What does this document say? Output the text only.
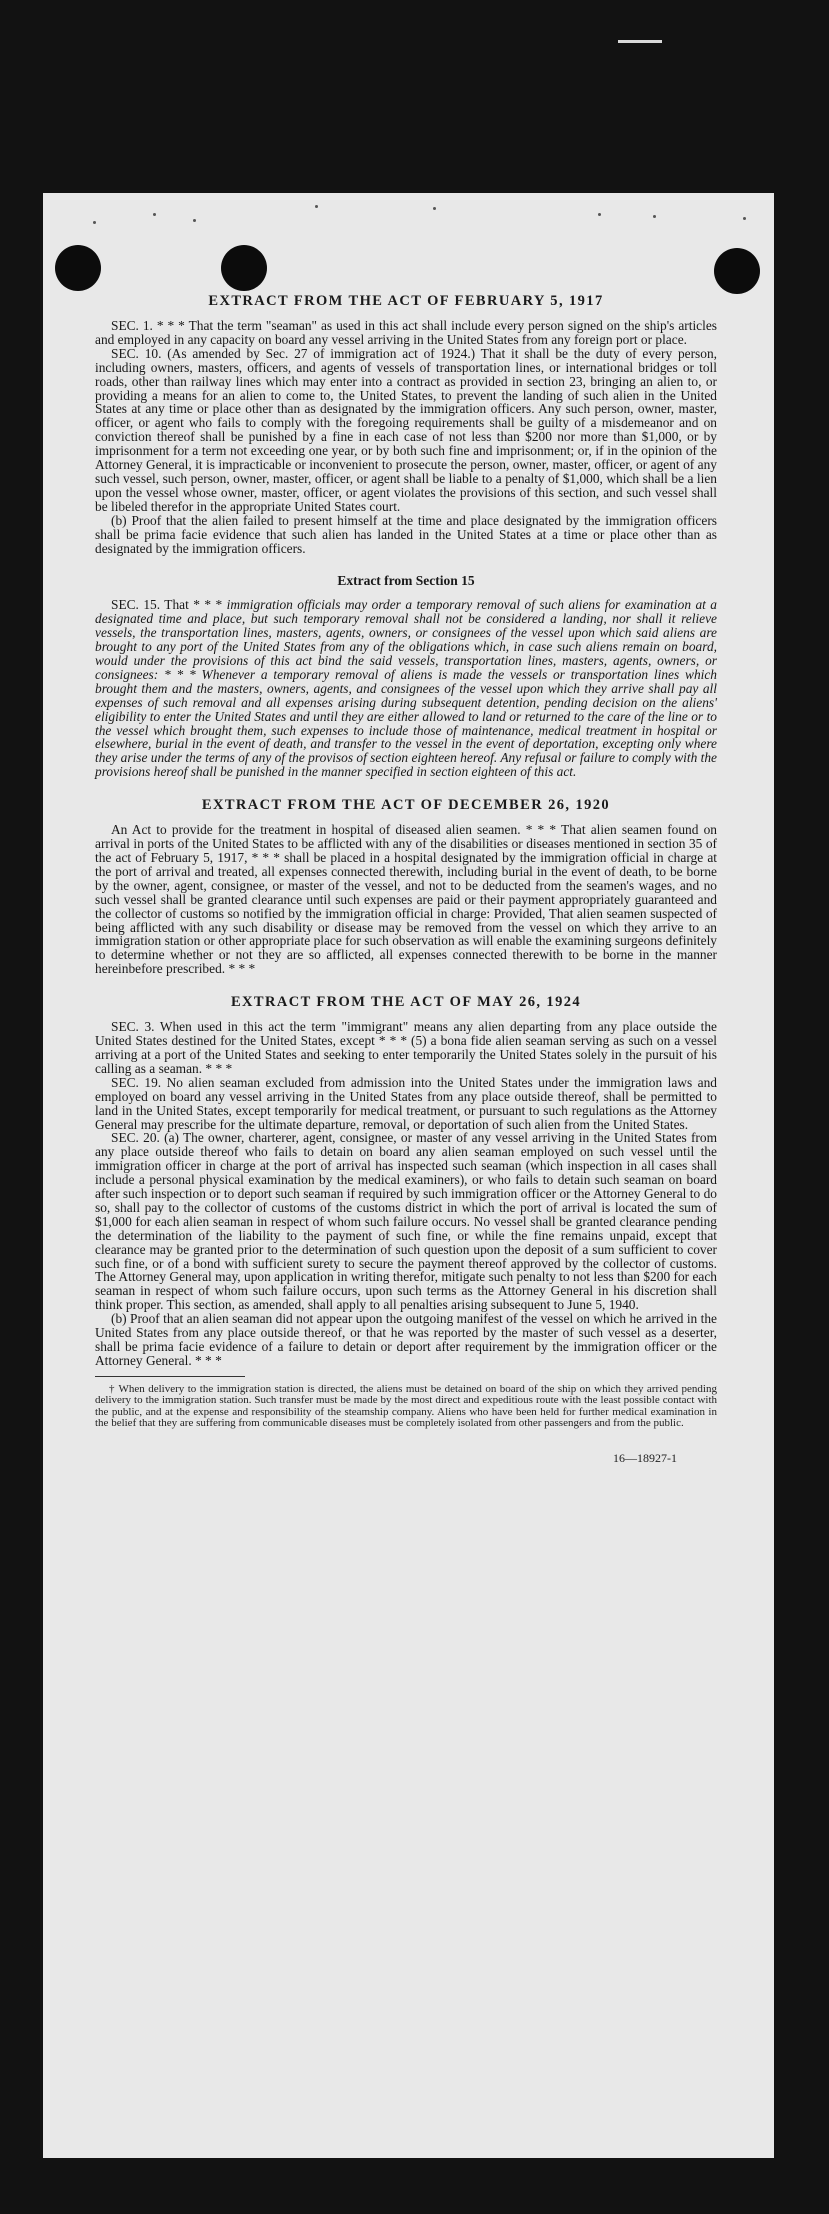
EXTRACT FROM THE ACT OF FEBRUARY 5, 1917

SEC. 1. * * * That the term "seaman" as used in this act shall include every person signed on the ship's articles and employed in any capacity on board any vessel arriving in the United States from any foreign port or place.

SEC. 10. (As amended by Sec. 27 of immigration act of 1924.) That it shall be the duty of every person, including owners, masters, officers, and agents of vessels of transportation lines, or international bridges or toll roads, other than railway lines which may enter into a contract as provided in section 23, bringing an alien to, or providing a means for an alien to come to, the United States, to prevent the landing of such alien in the United States at any time or place other than as designated by the immigration officers. Any such person, owner, master, officer, or agent who fails to comply with the foregoing requirements shall be guilty of a misdemeanor and on conviction thereof shall be punished by a fine in each case of not less than $200 nor more than $1,000, or by imprisonment for a term not exceeding one year, or by both such fine and imprisonment; or, if in the opinion of the Attorney General, it is impracticable or inconvenient to prosecute the person, owner, master, officer, or agent of any such vessel, such person, owner, master, officer, or agent shall be liable to a penalty of $1,000, which shall be a lien upon the vessel whose owner, master, officer, or agent violates the provisions of this section, and such vessel shall be libeled therefor in the appropriate United States court.

(b) Proof that the alien failed to present himself at the time and place designated by the immigration officers shall be prima facie evidence that such alien has landed in the United States at a time or place other than as designated by the immigration officers.

Extract from Section 15

SEC. 15. That * * * immigration officials may order a temporary removal of such aliens for examination at a designated time and place, but such temporary removal shall not be considered a landing, nor shall it relieve vessels, the transportation lines, masters, agents, owners, or consignees of the vessel upon which said aliens are brought to any port of the United States from any of the obligations which, in case such aliens remain on board, would under the provisions of this act bind the said vessels, transportation lines, masters, agents, owners, or consignees: * * * Whenever a temporary removal of aliens is made the vessels or transportation lines which brought them and the masters, owners, agents, and consignees of the vessel upon which they arrive shall pay all expenses of such removal and all expenses arising during subsequent detention, pending decision on the aliens' eligibility to enter the United States and until they are either allowed to land or returned to the care of the line or to the vessel which brought them, such expenses to include those of maintenance, medical treatment in hospital or elsewhere, burial in the event of death, and transfer to the vessel in the event of deportation, excepting only where they arise under the terms of any of the provisos of section eighteen hereof. Any refusal or failure to comply with the provisions hereof shall be punished in the manner specified in section eighteen of this act.

EXTRACT FROM THE ACT OF DECEMBER 26, 1920

An Act to provide for the treatment in hospital of diseased alien seamen. * * * That alien seamen found on arrival in ports of the United States to be afflicted with any of the disabilities or diseases mentioned in section 35 of the act of February 5, 1917, * * * shall be placed in a hospital designated by the immigration official in charge at the port of arrival and treated, all expenses connected therewith, including burial in the event of death, to be borne by the owner, agent, consignee, or master of the vessel, and not to be deducted from the seamen's wages, and no such vessel shall be granted clearance until such expenses are paid or their payment appropriately guaranteed and the collector of customs so notified by the immigration official in charge: Provided, That alien seamen suspected of being afflicted with any such disability or disease may be removed from the vessel on which they arrive to an immigration station or other appropriate place for such observation as will enable the examining surgeons definitely to determine whether or not they are so afflicted, all expenses connected therewith to be borne in the manner hereinbefore prescribed. * * *

EXTRACT FROM THE ACT OF MAY 26, 1924

SEC. 3. When used in this act the term "immigrant" means any alien departing from any place outside the United States destined for the United States, except * * * (5) a bona fide alien seaman serving as such on a vessel arriving at a port of the United States and seeking to enter temporarily the United States solely in the pursuit of his calling as a seaman. * * *

SEC. 19. No alien seaman excluded from admission into the United States under the immigration laws and employed on board any vessel arriving in the United States from any place outside thereof, shall be permitted to land in the United States, except temporarily for medical treatment, or pursuant to such regulations as the Attorney General may prescribe for the ultimate departure, removal, or deportation of such alien from the United States.

SEC. 20. (a) The owner, charterer, agent, consignee, or master of any vessel arriving in the United States from any place outside thereof who fails to detain on board any alien seaman employed on such vessel until the immigration officer in charge at the port of arrival has inspected such seaman (which inspection in all cases shall include a personal physical examination by the medical examiners), or who fails to detain such seaman on board after such inspection or to deport such seaman if required by such immigration officer or the Attorney General to do so, shall pay to the collector of customs of the customs district in which the port of arrival is located the sum of $1,000 for each alien seaman in respect of whom such failure occurs. No vessel shall be granted clearance pending the determination of the liability to the payment of such fine, or while the fine remains unpaid, except that clearance may be granted prior to the determination of such question upon the deposit of a sum sufficient to cover such fine, or of a bond with sufficient surety to secure the payment thereof approved by the collector of customs. The Attorney General may, upon application in writing therefor, mitigate such penalty to not less than $200 for each seaman in respect of whom such failure occurs, upon such terms as the Attorney General in his discretion shall think proper. This section, as amended, shall apply to all penalties arising subsequent to June 5, 1940.

(b) Proof that an alien seaman did not appear upon the outgoing manifest of the vessel on which he arrived in the United States from any place outside thereof, or that he was reported by the master of such vessel as a deserter, shall be prima facie evidence of a failure to detain or deport after requirement by the immigration officer or the Attorney General. * * *

† When delivery to the immigration station is directed, the aliens must be detained on board of the ship on which they arrived pending delivery to the immigration station. Such transfer must be made by the most direct and expeditious route with the least possible contact with the public, and at the expense and responsibility of the steamship company. Aliens who have been held for further medical examination in the belief that they are suffering from communicable diseases must be completely isolated from other passengers and from the public.

16—18927-1
